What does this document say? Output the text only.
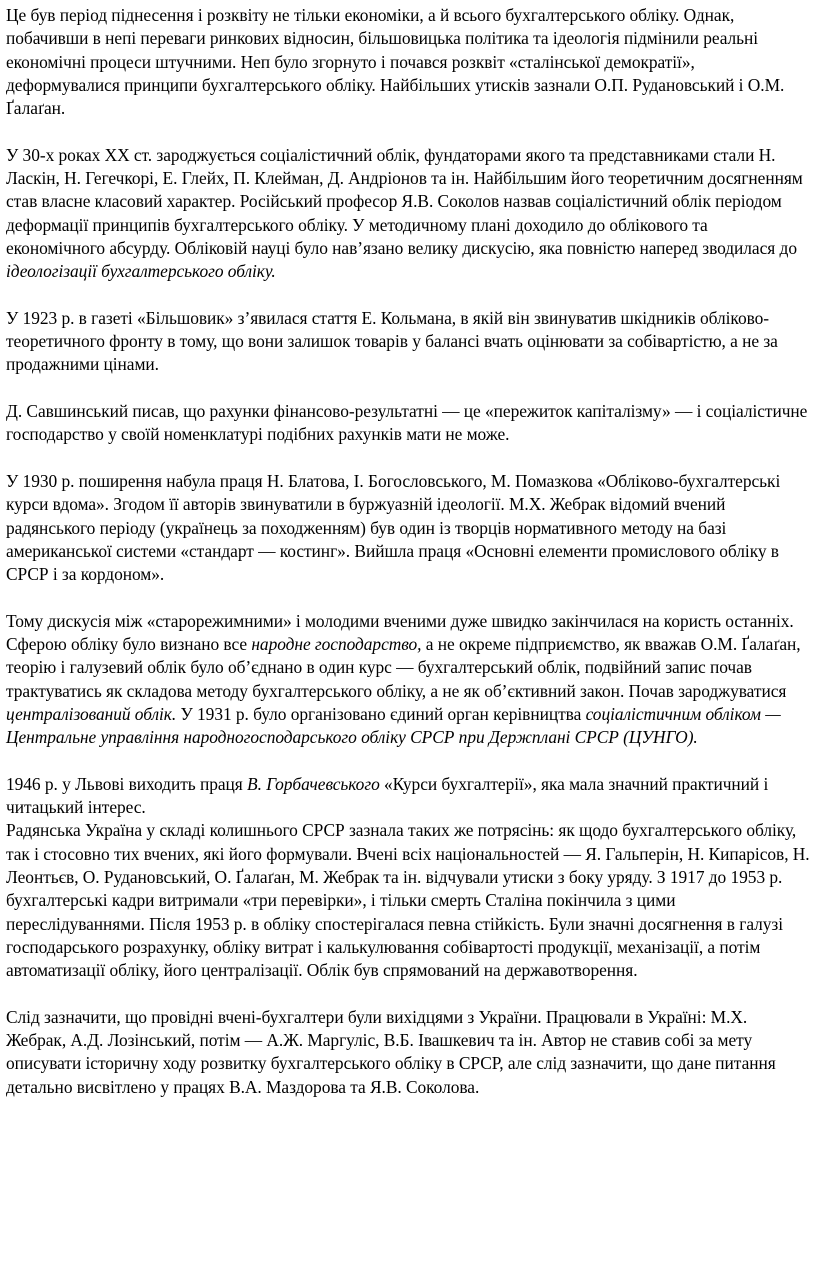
Це був період піднесення і розквіту не тільки економіки, а й всього бухгалтерського обліку. Однак, побачивши в непі переваги ринкових відносин, більшовицька політика та ідеологія підмінили реальні економічні процеси штучними. Неп було згорнуто і почався розквіт «сталінської демократії», деформувалися принципи бухгалтерського обліку. Найбільших утисків зазнали О.П. Рудановський і О.М. Ґалаґан.
У 30-х роках XX ст. зароджується соціалістичний облік, фундаторами якого та представниками стали Н. Ласкін, Н. Гегечкорі, Е. Глейх, П. Клейман, Д. Андріонов та ін. Найбільшим його теоретичним досягненням став власне класовий характер. Російський професор Я.В. Соколов назвав соціалістичний облік періодом деформації принципів бухгалтерського обліку. У методичному плані доходило до облікового та економічного абсурду. Обліковій науці було нав’язано велику дискусію, яка повністю наперед зводилася до ідеологізації бухгалтерського обліку.
У 1923 р. в газеті «Більшовик» з’явилася стаття Е. Кольмана, в якій він звинуватив шкідників обліково-теоретичного фронту в тому, що вони залишок товарів у балансі вчать оцінювати за собівартістю, а не за продажними цінами.
Д. Савшинський писав, що рахунки фінансово-результатні — це «пережиток капіталізму» — і соціалістичне господарство у своїй номенклатурі подібних рахунків мати не може.
У 1930 р. поширення набула праця Н. Блатова, І. Богословського, М. Помазкова «Обліково-бухгалтерські курси вдома». Згодом її авторів звинуватили в буржуазній ідеології. М.Х. Жебрак відомий вчений радянського періоду (українець за походженням) був один із творців нормативного методу на базі американської системи «стандарт — костинг». Вийшла праця «Основні елементи промислового обліку в СРСР і за кордоном».
Тому дискусія між «старорежимними» і молодими вченими дуже швидко закінчилася на користь останніх. Сферою обліку було визнано все народне господарство, а не окреме підприємство, як вважав О.М. Ґалаґан, теорію і галузевий облік було об’єднано в один курс — бухгалтерський облік, подвійний запис почав трактуватись як складова методу бухгалтерського обліку, а не як об’єктивний закон. Почав зароджуватися централізований облік. У 1931 р. було організовано єдиний орган керівництва соціалістичним обліком — Центральне управління народногосподарського обліку СРСР при Держплані СРСР (ЦУНГО).
1946 р. у Львові виходить праця В. Горбачевського «Курси бухгалтерії», яка мала значний практичний і читацький інтерес.
Радянська Україна у складі колишнього СРСР зазнала таких же потрясінь: як щодо бухгалтерського обліку, так і стосовно тих вчених, які його формували. Вчені всіх національностей — Я. Гальперін, Н. Кипарісов, Н. Леонтьєв, О. Рудановський, О. Ґалаґан, М. Жебрак та ін. відчували утиски з боку уряду. З 1917 до 1953 р. бухгалтерські кадри витримали «три перевірки», і тільки смерть Сталіна покінчила з цими переслідуваннями. Після 1953 р. в обліку спостерігалася певна стійкість. Були значні досягнення в галузі господарського розрахунку, обліку витрат і калькулювання собівартості продукції, механізації, а потім автоматизації обліку, його централізації. Облік був спрямований на державотворення.
Слід зазначити, що провідні вчені-бухгалтери були вихідцями з України. Працювали в Україні: М.Х. Жебрак, А.Д. Лозінський, потім — А.Ж. Маргуліс, В.Б. Івашкевич та ін. Автор не ставив собі за мету описувати історичну ходу розвитку бухгалтерського обліку в СРСР, але слід зазначити, що дане питання детально висвітлено у працях В.А. Маздорова та Я.В. Соколова.
